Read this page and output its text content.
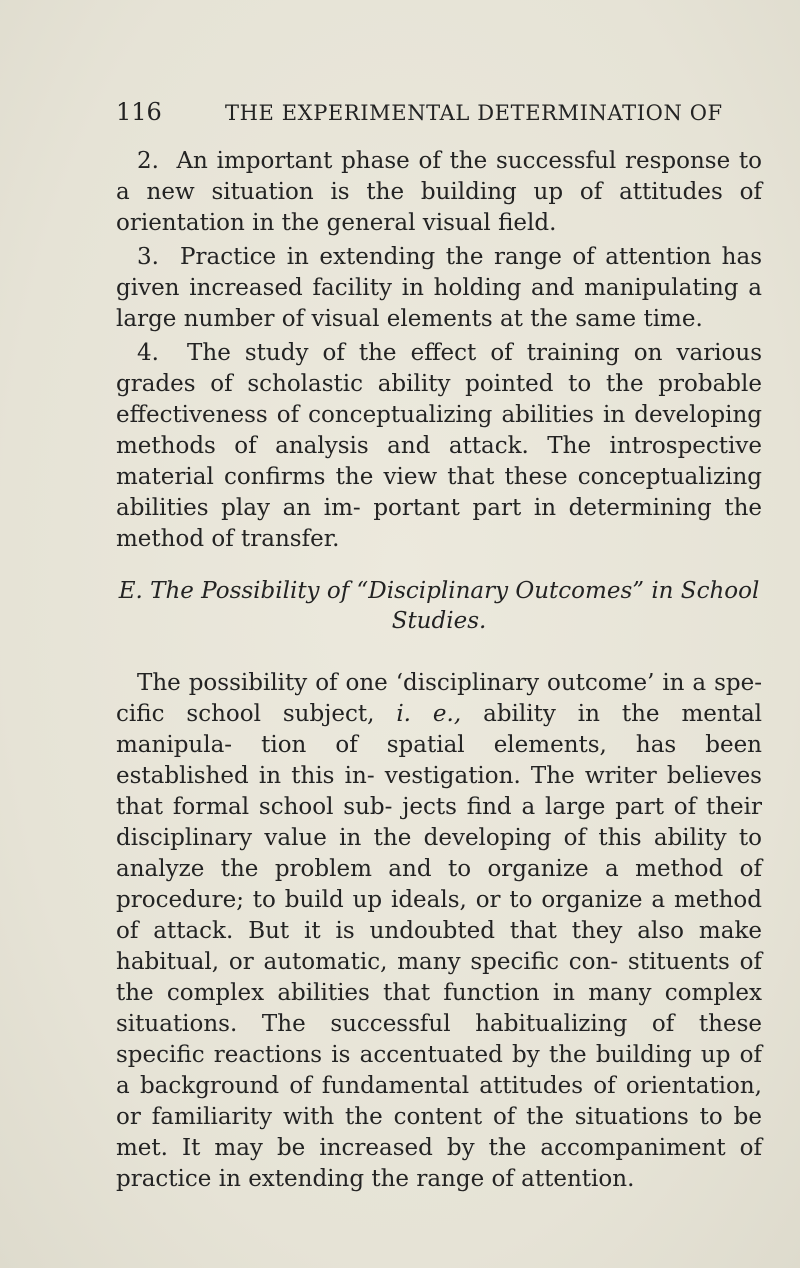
116	THE EXPERIMENTAL DETERMINATION OF

2. An important phase of the successful response to a new situation is the building up of attitudes of orientation in the general visual field.

3. Practice in extending the range of attention has given increased facility in holding and manipulating a large number of visual elements at the same time.

4. The study of the effect of training on various grades of scholastic ability pointed to the probable effectiveness of conceptualizing abilities in developing methods of analysis and attack. The introspective material confirms the view that these conceptualizing abilities play an im- portant part in determining the method of transfer.

E. The Possibility of “Disciplinary Outcomes” in School Studies.

The possibility of one ‘disciplinary outcome’ in a spe- cific school subject, i. e., ability in the mental manipula- tion of spatial elements, has been established in this in- vestigation. The writer believes that formal school sub- jects find a large part of their disciplinary value in the developing of this ability to analyze the problem and to organize a method of procedure; to build up ideals, or to organize a method of attack. But it is undoubted that they also make habitual, or automatic, many specific con- stituents of the complex abilities that function in many complex situations. The successful habitualizing of these specific reactions is accentuated by the building up of a background of fundamental attitudes of orientation, or familiarity with the content of the situations to be met. It may be increased by the accompaniment of practice in extending the range of attention.
